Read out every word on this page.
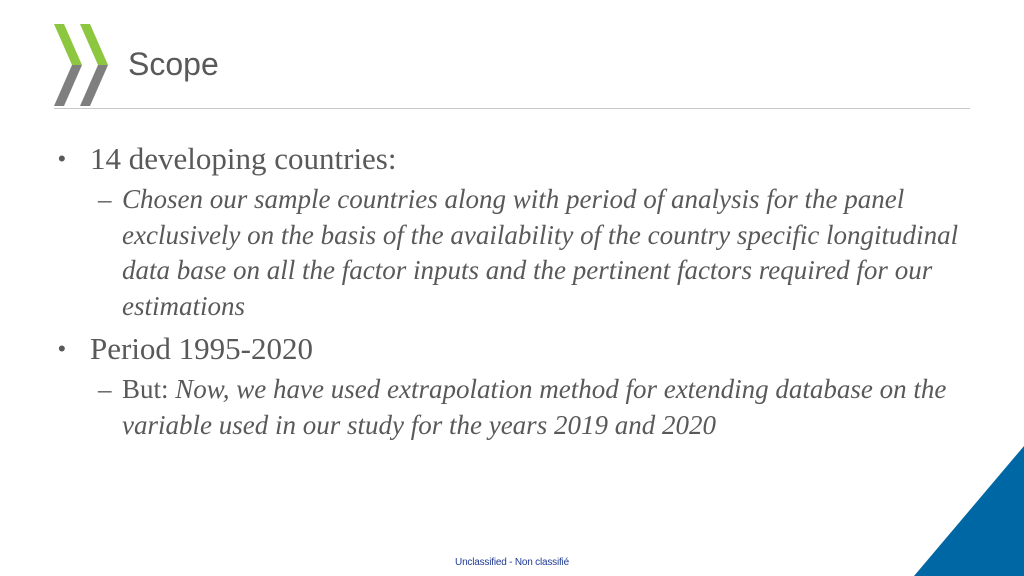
Scope
• 14 developing countries:
– Chosen our sample countries along with period of analysis for the panel exclusively on the basis of the availability of the country specific longitudinal data base on all the factor inputs and the pertinent factors required for our estimations
• Period 1995-2020
– But: Now, we have used extrapolation method for extending database on the variable used in our study for the years 2019 and 2020
Unclassified - Non classifié
